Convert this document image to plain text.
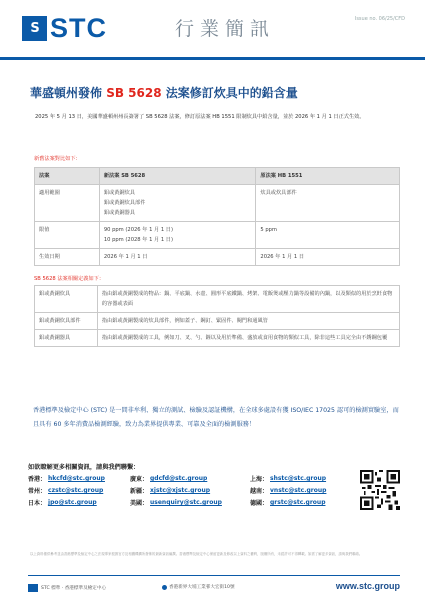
S STC	行業簡訊	Issue no. 06/25/CFD
華盛頓州發佈 SB 5628 法案修訂炊具中的鉛含量
2025 年 5 月 13 日，美國華盛頓州州長簽署了 SB 5628 法案，修訂原法案 HB 1551 限制炊具中鉛含量，並於 2026 年 1 月 1 日正式生效。
新舊法案對比如下：
法案	新法案 SB 5628	原法案 HB 1551
適用範圍	鋁或黃銅炊具
鋁或黃銅炊具部件
鋁或黃銅器具	炊具或炊具部件

限值	90 ppm (2026 年 1 月 1 日)
10 ppm (2028 年 1 月 1 日)	5 ppm

生效日期	2026 年 1 月 1 日	2026 年 1 月 1 日
SB 5628 法案相關定義如下：
鋁或黃銅炊具	指由鋁或黃銅製成的物品：鍋、平底鍋、水壺、圓形平底鐵鍋、烤架、電飯煲或壓力鍋等設備的內鍋，以及類似的用於烹飪食物的容器或表面
鋁或黃銅炊具部件	指由鋁或黃銅製成的炊具部件，例如蓋子、鋼釘、緊固件、閥門和通風管
鋁或黃銅器具	指由鋁或黃銅製成的工具，例如刀、叉、勺、鏟以及用於準備、盛放或食用食物的類似工具，除非這些工具完全由不銹鋼包覆
香港標準及檢定中心 (STC) 是一間非牟利、獨立的測試、檢驗及認証機構，在全球多處設有獲 ISO/IEC 17025 認可的檢測實驗室，而且具有 60 多年消費品檢測經驗，致力為業界提供專業、可靠及全面的檢測服務！
如欲瞭解更多相關資訊，請與我們聯繫：
香港： hkcfd@stc.group	廣東： gdcfd@stc.group	上海： shstc@stc.group
常州： czstc@stc.group	新疆： xjstc@xjstc.group	越南： vnstc@stc.group
日本： jpo@stc.group	美國： usenquiry@stc.group	德國： grstc@stc.group
以上資料僅供參考並由香港標準及檢定中心之法規專家根據官方及相關機構所發佈的最新資訊編撰。香港標準及檢定中心保留更新及修改以上資料之權利，版權所有，未經許可不得轉載。如需了解更多資訊，請與我們聯絡。
STC 標準 · 香港標準及檢定中心	香港新界大埔工業邨大宏街10號	www.stc.group
